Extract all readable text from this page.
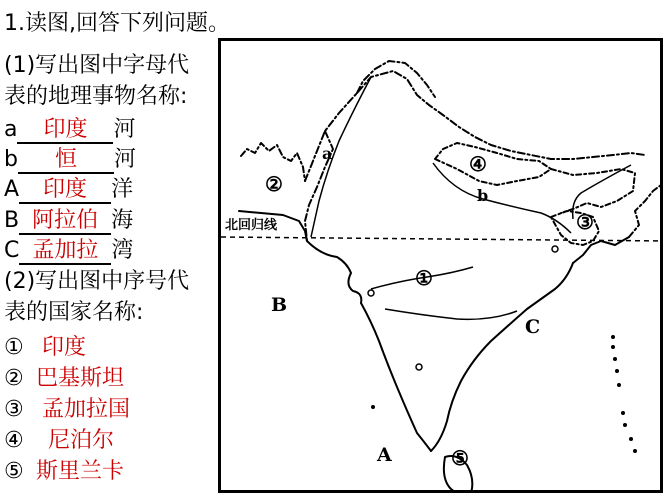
1.读图,回答下列问题。
(1)写出图中字母代
表的地理事物名称:
a 印度 河
b 恒 河
A 印度 洋
B 阿拉伯 海
C 孟加拉 湾
(2)写出图中序号代
表的国家名称:
① 印度
② 巴基斯坦
③ 孟加拉国
④ 尼泊尔
⑤ 斯里兰卡
北回归线
a
b
B
C
A
②
①
④
③
⑤
